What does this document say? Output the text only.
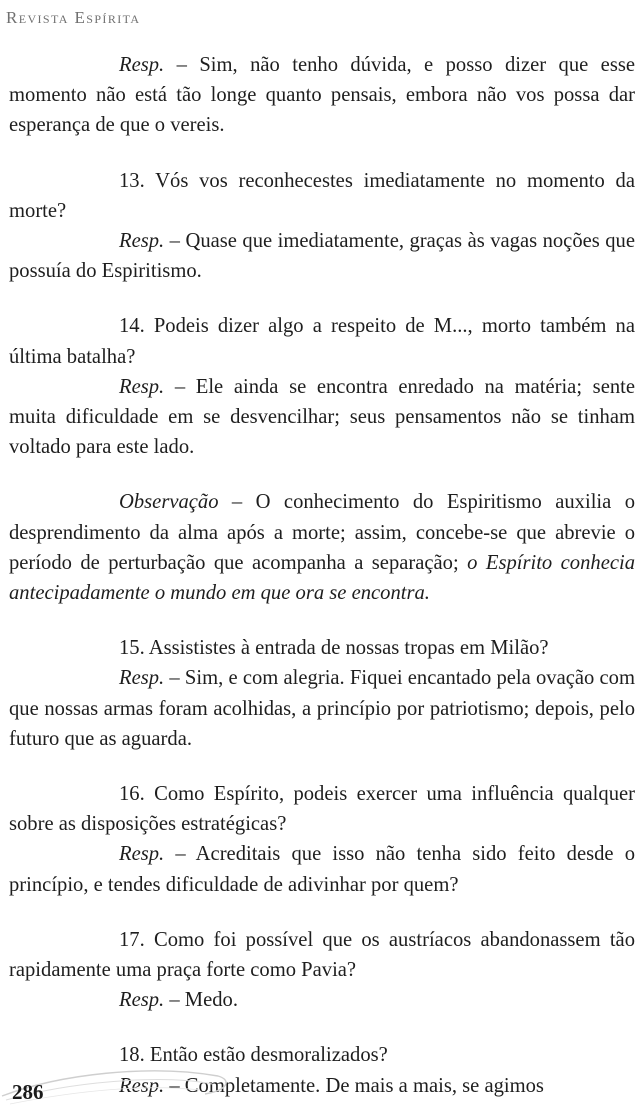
Revista Espírita

Resp. – Sim, não tenho dúvida, e posso dizer que esse momento não está tão longe quanto pensais, embora não vos possa dar esperança de que o vereis.

13. Vós vos reconhecestes imediatamente no momento da morte?

Resp. – Quase que imediatamente, graças às vagas noções que possuía do Espiritismo.

14. Podeis dizer algo a respeito de M..., morto também na última batalha?

Resp. – Ele ainda se encontra enredado na matéria; sente muita dificuldade em se desvencilhar; seus pensamentos não se tinham voltado para este lado.

Observação – O conhecimento do Espiritismo auxilia o desprendimento da alma após a morte; assim, concebe-se que abrevie o período de perturbação que acompanha a separação; o Espírito conhecia antecipadamente o mundo em que ora se encontra.

15. Assististes à entrada de nossas tropas em Milão?

Resp. – Sim, e com alegria. Fiquei encantado pela ovação com que nossas armas foram acolhidas, a princípio por patriotismo; depois, pelo futuro que as aguarda.

16. Como Espírito, podeis exercer uma influência qualquer sobre as disposições estratégicas?

Resp. – Acreditais que isso não tenha sido feito desde o princípio, e tendes dificuldade de adivinhar por quem?

17. Como foi possível que os austríacos abandonassem tão rapidamente uma praça forte como Pavia?

Resp. – Medo.

18. Então estão desmoralizados?

Resp. – Completamente. De mais a mais, se agimos

286
